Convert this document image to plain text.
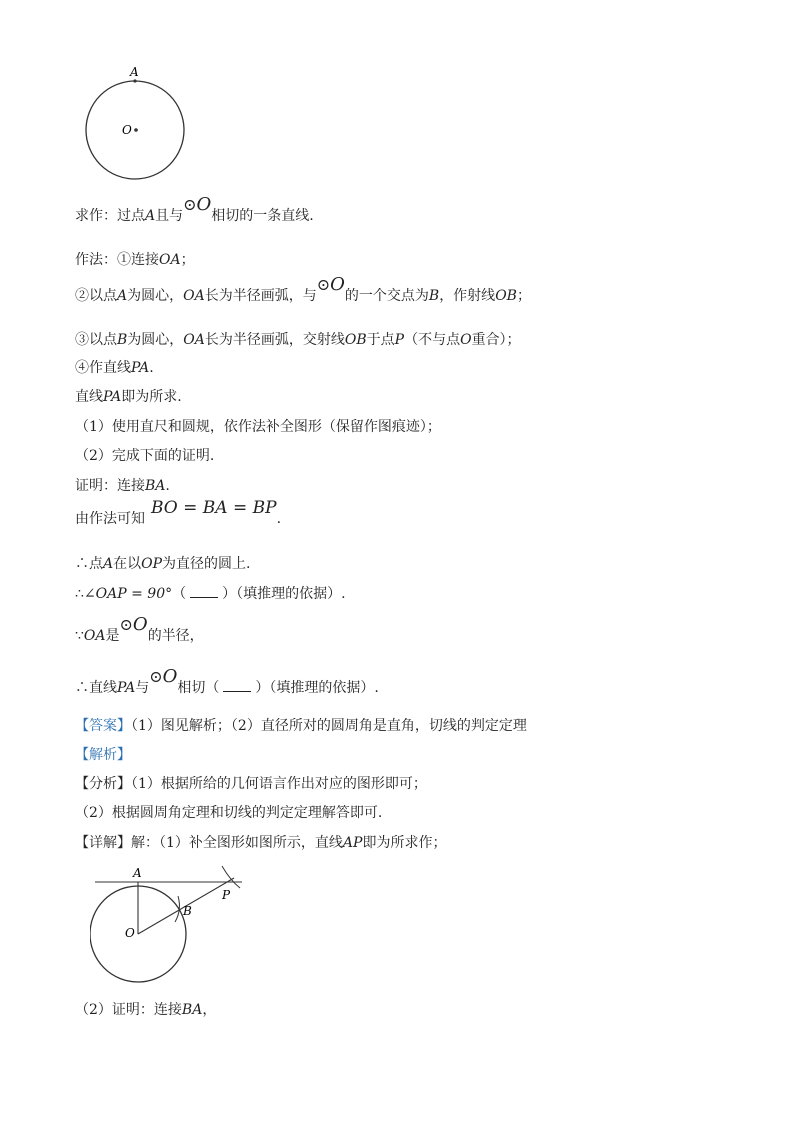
A
O
求作：过点A且与⊙O相切的一条直线.
作法：①连接OA；
②以点A为圆心，OA长为半径画弧，与⊙O的一个交点为B，作射线OB；
③以点B为圆心，OA长为半径画弧，交射线OB于点P（不与点O重合）；
④作直线PA.
直线PA即为所求.
（1）使用直尺和圆规，依作法补全图形（保留作图痕迹）；
（2）完成下面的证明.
证明：连接BA.
由作法可知BO = BA = BP.
∴点A在以OP为直径的圆上.
∴∠OAP = 90°（	）（填推理的依据）.
∵OA是⊙O的半径，
∴直线PA与⊙O相切（	）（填推理的依据）.
【答案】（1）图见解析；（2）直径所对的圆周角是直角，切线的判定定理
【解析】
【分析】（1）根据所给的几何语言作出对应的图形即可；
（2）根据圆周角定理和切线的判定定理解答即可.
【详解】解：（1）补全图形如图所示，直线AP即为所求作；
A
O
B
P
（2）证明：连接BA，
